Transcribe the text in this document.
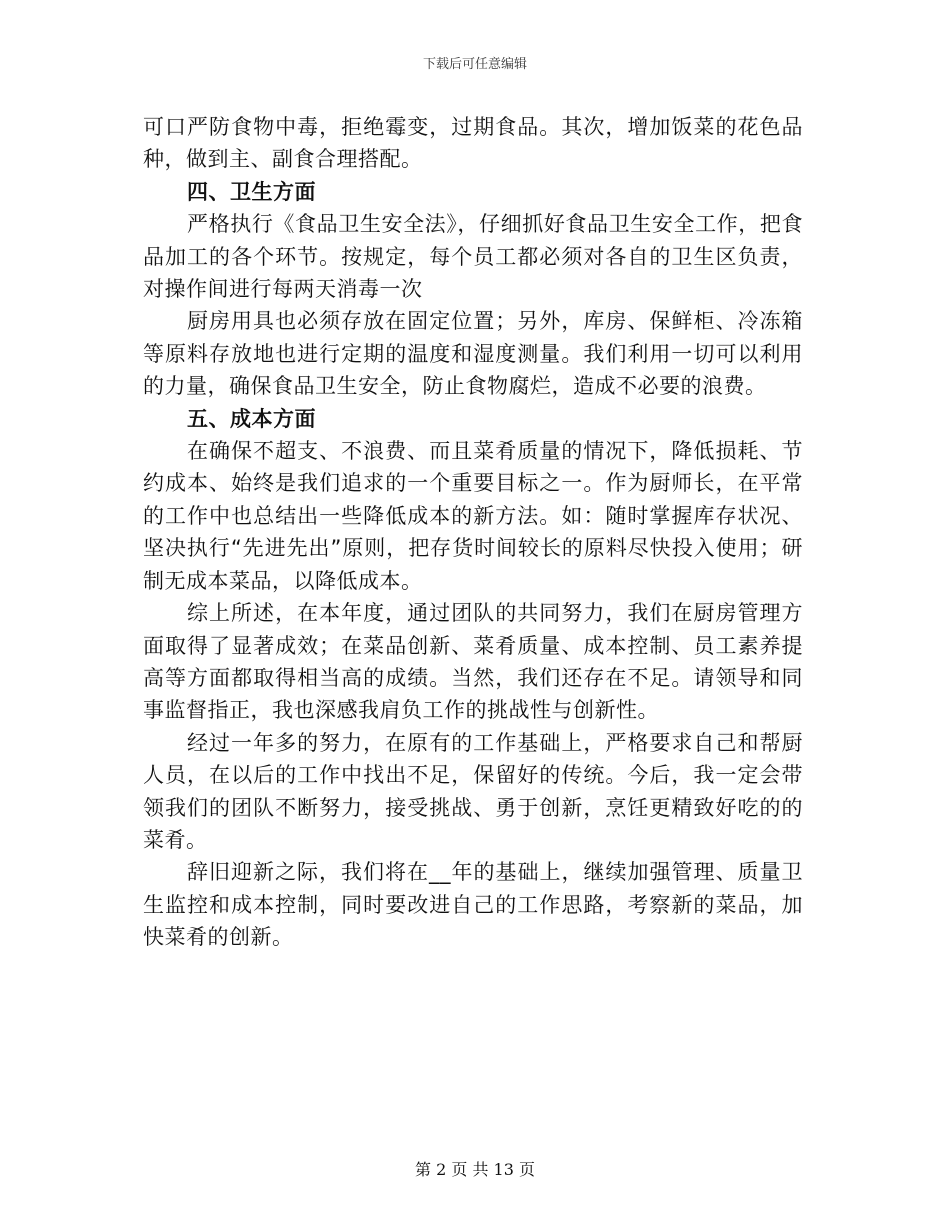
下载后可任意编辑

可口严防食物中毒，拒绝霉变，过期食品。其次，增加饭菜的花色品种，做到主、副食合理搭配。

四、卫生方面

严格执行《食品卫生安全法》，仔细抓好食品卫生安全工作，把食品加工的各个环节。按规定，每个员工都必须对各自的卫生区负责，对操作间进行每两天消毒一次

厨房用具也必须存放在固定位置；另外，库房、保鲜柜、冷冻箱等原料存放地也进行定期的温度和湿度测量。我们利用一切可以利用的力量，确保食品卫生安全，防止食物腐烂，造成不必要的浪费。

五、成本方面

在确保不超支、不浪费、而且菜肴质量的情况下，降低损耗、节约成本、始终是我们追求的一个重要目标之一。作为厨师长，在平常的工作中也总结出一些降低成本的新方法。如：随时掌握库存状况、坚决执行“先进先出”原则，把存货时间较长的原料尽快投入使用；研制无成本菜品，以降低成本。

综上所述，在本年度，通过团队的共同努力，我们在厨房管理方面取得了显著成效；在菜品创新、菜肴质量、成本控制、员工素养提高等方面都取得相当高的成绩。当然，我们还存在不足。请领导和同事监督指正，我也深感我肩负工作的挑战性与创新性。

经过一年多的努力，在原有的工作基础上，严格要求自己和帮厨人员，在以后的工作中找出不足，保留好的传统。今后，我一定会带领我们的团队不断努力，接受挑战、勇于创新，烹饪更精致好吃的的菜肴。

辞旧迎新之际，我们将在__年的基础上，继续加强管理、质量卫生监控和成本控制，同时要改进自己的工作思路，考察新的菜品，加快菜肴的创新。

第 2 页 共 13 页
